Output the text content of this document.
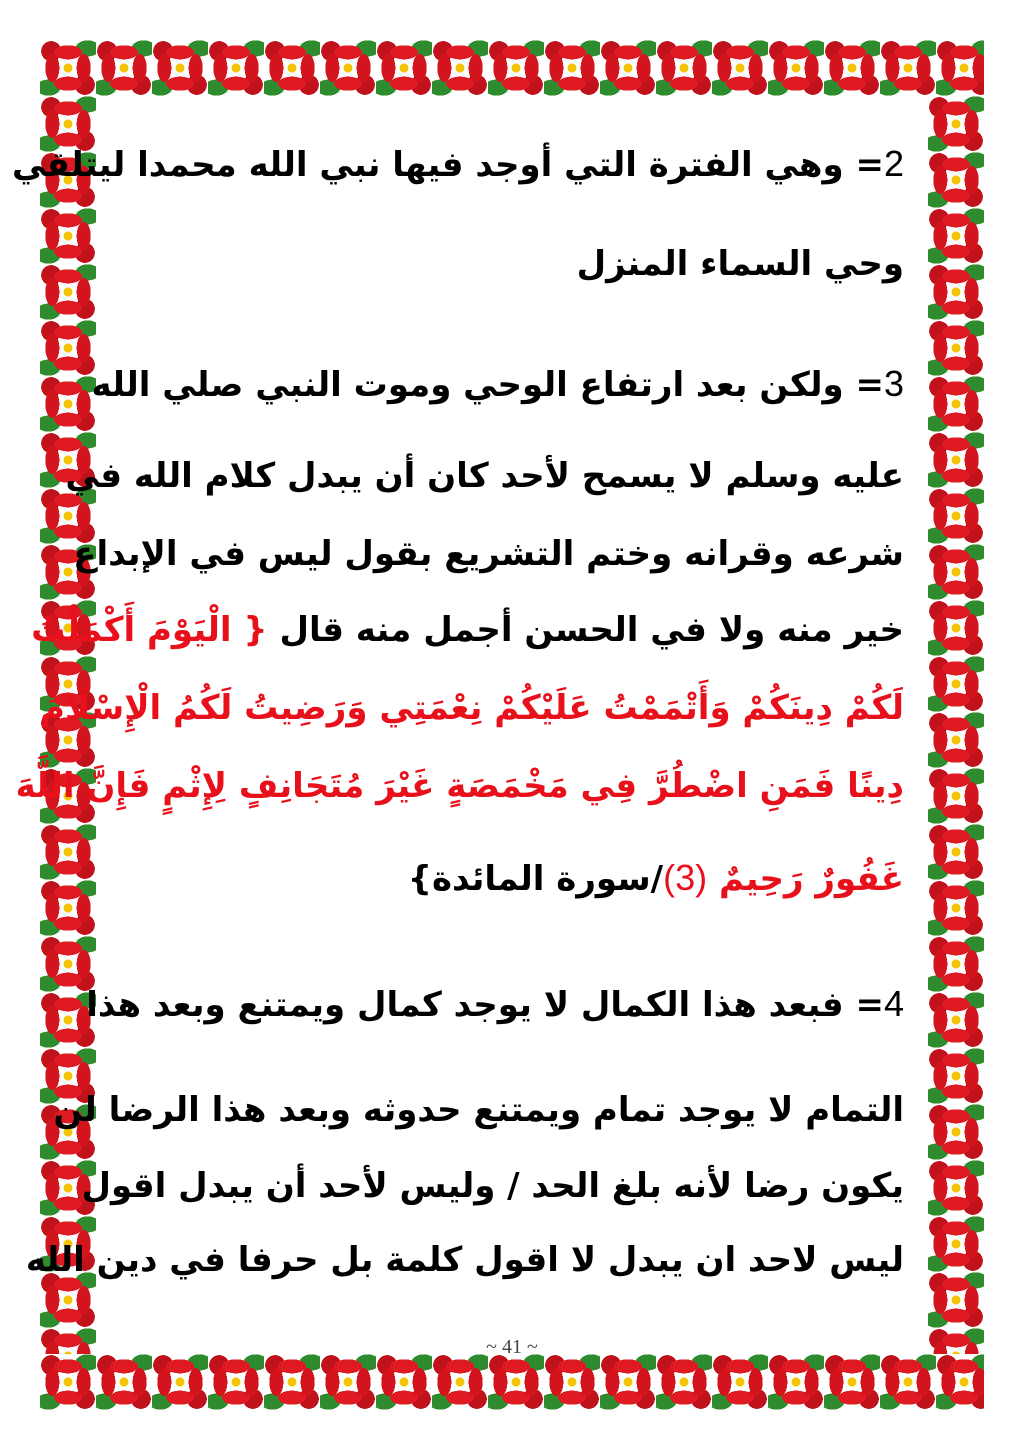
2= وهي الفترة التي أوجد فيها نبي الله محمدا ليتلقي
وحي السماء المنزل
3= ولكن بعد ارتفاع الوحي وموت النبي صلي الله
عليه وسلم لا يسمح لأحد كان أن يبدل كلام الله في
شرعه وقرانه وختم التشريع بقول ليس في الإبداع
خير منه ولا في الحسن أجمل منه قال { الْيَوْمَ أَكْمَلْتُ
لَكُمْ دِينَكُمْ وَأَتْمَمْتُ عَلَيْكُمْ نِعْمَتِي وَرَضِيتُ لَكُمُ الْإِسْلَامَ
دِينًا فَمَنِ اضْطُرَّ فِي مَخْمَصَةٍ غَيْرَ مُتَجَانِفٍ لِإِثْمٍ فَإِنَّ اللَّهَ
غَفُورٌ رَحِيمٌ (3)/سورة المائدة}
4= فبعد هذا الكمال لا يوجد كمال ويمتنع وبعد هذا
التمام لا يوجد تمام ويمتنع حدوثه وبعد هذا الرضا لن
يكون رضا لأنه بلغ الحد / وليس لأحد أن يبدل اقول
ليس لاحد ان يبدل لا اقول كلمة بل حرفا في دين الله
~ 41 ~
